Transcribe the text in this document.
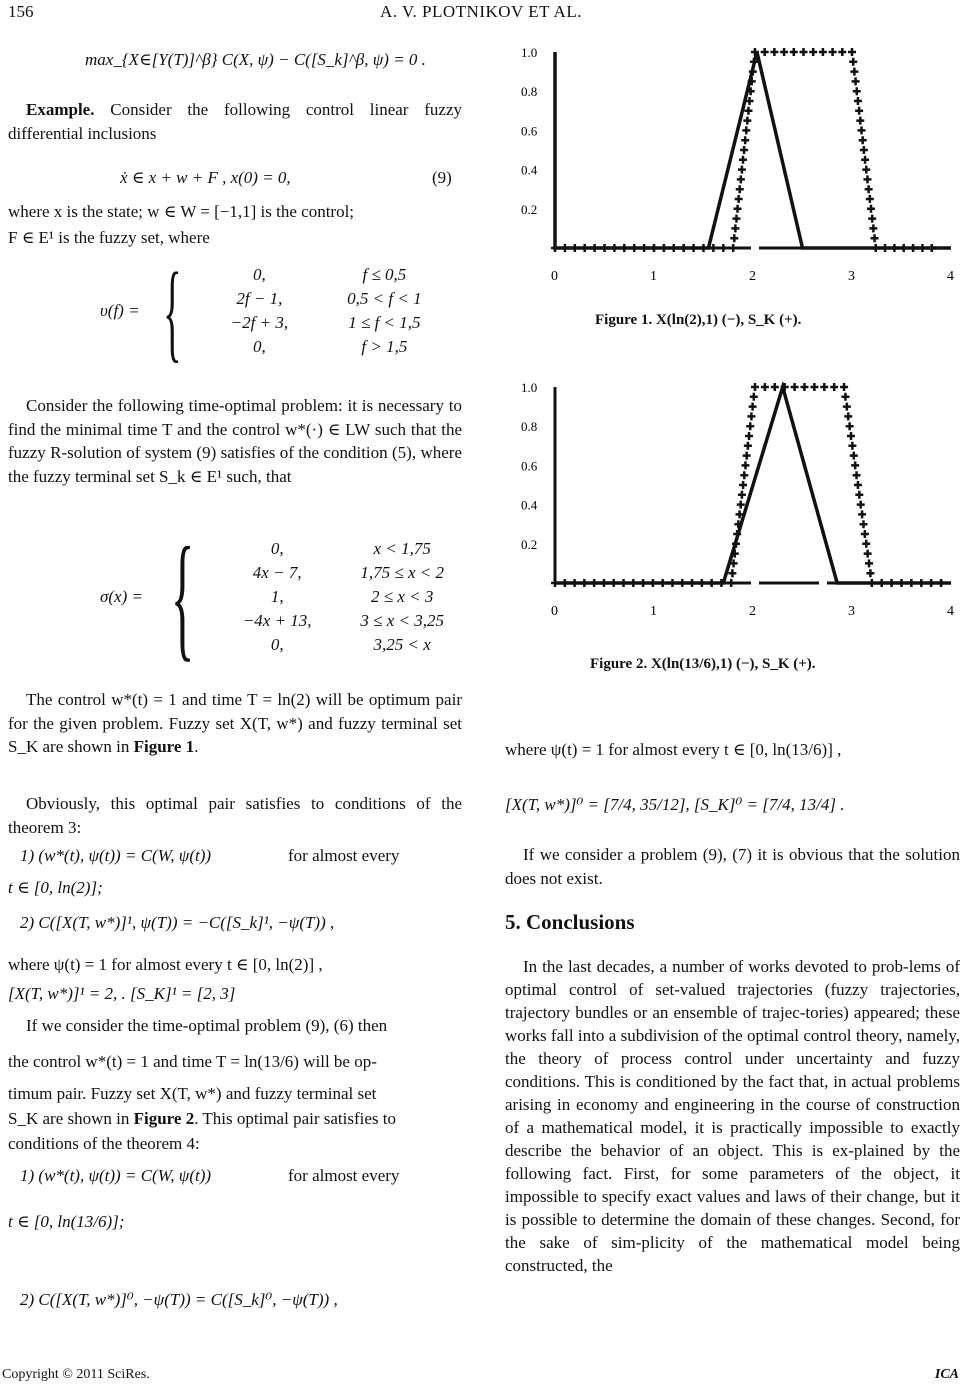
156	A. V. PLOTNIKOV ET AL.
max_{X∈[Y(T)]^β} C(X, ψ) − C([S_k]^β, ψ) = 0 .
Example. Consider the following control linear fuzzy differential inclusions
ẋ ∈ x + w + F , x(0) = 0,	(9)
where x is the state; w ∈ W = [−1,1] is the control;
F ∈ E¹ is the fuzzy set, where
υ(f) = {	0,	f ≤ 0,5
2f − 1,	0,5 < f < 1
−2f + 3,	1 ≤ f < 1,5
0,	f > 1,5
Consider the following time-optimal problem: it is necessary to find the minimal time T and the control w*(·) ∈ LW such that the fuzzy R-solution of system (9) satisfies of the condition (5), where the fuzzy terminal set S_k ∈ E¹ such, that
σ(x) = {	0,	x < 1,75
4x − 7,	1,75 ≤ x < 2
1,	2 ≤ x < 3
−4x + 13,	3 ≤ x < 3,25
0,	3,25 < x
The control w*(t) = 1 and time T = ln(2) will be optimum pair for the given problem. Fuzzy set X(T, w*) and fuzzy terminal set S_K are shown in Figure 1.
Obviously, this optimal pair satisfies to conditions of the theorem 3:
1) (w*(t), ψ(t)) = C(W, ψ(t))	for almost every
t ∈ [0, ln(2)];
2) C([X(T, w*)]¹, ψ(T)) = −C([S_k]¹, −ψ(T)) ,
where ψ(t) = 1 for almost every t ∈ [0, ln(2)] ,
[X(T, w*)]¹ = 2, . [S_K]¹ = [2, 3]
If we consider the time-optimal problem (9), (6) then
the control w*(t) = 1 and time T = ln(13/6) will be op-
timum pair. Fuzzy set X(T, w*) and fuzzy terminal set
S_K are shown in Figure 2. This optimal pair satisfies to
conditions of the theorem 4:
1) (w*(t), ψ(t)) = C(W, ψ(t))	for almost every
t ∈ [0, ln(13/6)];
2) C([X(T, w*)]⁰, −ψ(T)) = C([S_k]⁰, −ψ(T)) ,
0.2
0.4
0.6
0.8
1.0
0	1	2	3	4
Figure 1. X(ln(2),1) (−), S_K (+).
0.2
0.4
0.6
0.8
1.0
0	1	2	3	4
Figure 2. X(ln(13/6),1) (−), S_K (+).
where ψ(t) = 1 for almost every t ∈ [0, ln(13/6)] ,
[X(T, w*)]⁰ = [7/4, 35/12], [S_K]⁰ = [7/4, 13/4] .
If we consider a problem (9), (7) it is obvious that the solution does not exist.
5. Conclusions
In the last decades, a number of works devoted to prob-lems of optimal control of set-valued trajectories (fuzzy trajectories, trajectory bundles or an ensemble of trajec-tories) appeared; these works fall into a subdivision of the optimal control theory, namely, the theory of process control under uncertainty and fuzzy conditions. This is conditioned by the fact that, in actual problems arising in economy and engineering in the course of construction of a mathematical model, it is practically impossible to exactly describe the behavior of an object. This is ex-plained by the following fact. First, for some parameters of the object, it impossible to specify exact values and laws of their change, but it is possible to determine the domain of these changes. Second, for the sake of sim-plicity of the mathematical model being constructed, the
Copyright © 2011 SciRes.	ICA
